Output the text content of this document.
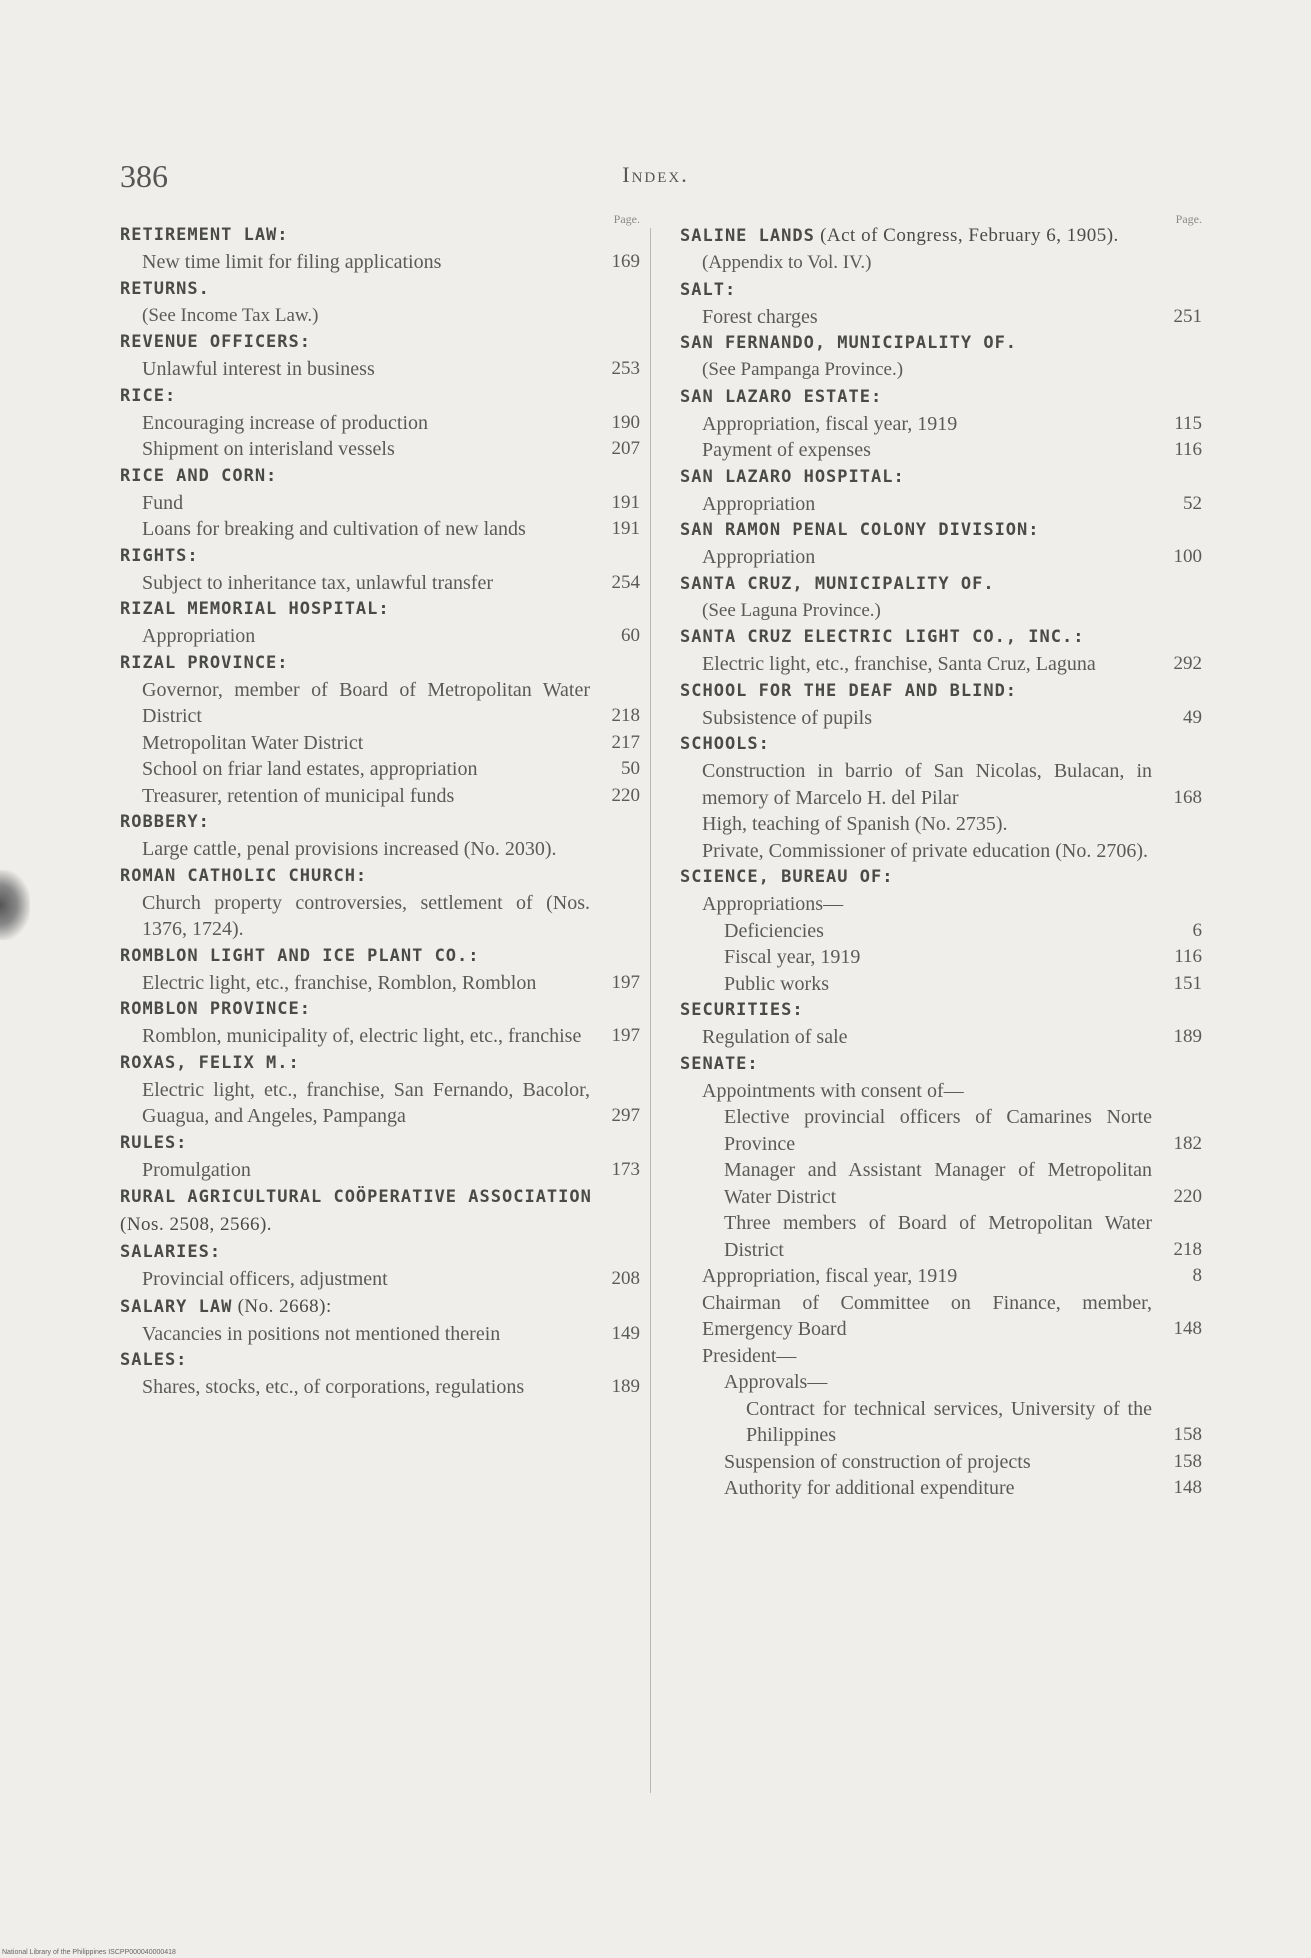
386	Index.
Page.
RETIREMENT LAW:
New time limit for filing applications	169
RETURNS.
(See Income Tax Law.)
REVENUE OFFICERS:
Unlawful interest in business	253
RICE:
Encouraging increase of production	190
Shipment on interisland vessels	207
RICE AND CORN:
Fund	191
Loans for breaking and cultivation of new lands	191
RIGHTS:
Subject to inheritance tax, unlawful transfer	254
RIZAL MEMORIAL HOSPITAL:
Appropriation	60
RIZAL PROVINCE:
Governor, member of Board of Metropolitan Water District	218
Metropolitan Water District	217
School on friar land estates, appropriation	50
Treasurer, retention of municipal funds	220
ROBBERY:
Large cattle, penal provisions increased (No. 2030).
ROMAN CATHOLIC CHURCH:
Church property controversies, settlement of (Nos. 1376, 1724).
ROMBLON LIGHT AND ICE PLANT CO.:
Electric light, etc., franchise, Romblon, Romblon	197
ROMBLON PROVINCE:
Romblon, municipality of, electric light, etc., franchise	197
ROXAS, FELIX M.:
Electric light, etc., franchise, San Fernando, Bacolor, Guagua, and Angeles, Pampanga	297
RULES:
Promulgation	173
RURAL AGRICULTURAL COÖPERATIVE ASSOCIATION (Nos. 2508, 2566).
SALARIES:
Provincial officers, adjustment	208
SALARY LAW (No. 2668):
Vacancies in positions not mentioned therein	149
SALES:
Shares, stocks, etc., of corporations, regulations	189
Page.
SALINE LANDS (Act of Congress, February 6, 1905).
(Appendix to Vol. IV.)
SALT:
Forest charges	251
SAN FERNANDO, MUNICIPALITY OF.
(See Pampanga Province.)
SAN LAZARO ESTATE:
Appropriation, fiscal year, 1919	115
Payment of expenses	116
SAN LAZARO HOSPITAL:
Appropriation	52
SAN RAMON PENAL COLONY DIVISION:
Appropriation	100
SANTA CRUZ, MUNICIPALITY OF.
(See Laguna Province.)
SANTA CRUZ ELECTRIC LIGHT CO., INC.:
Electric light, etc., franchise, Santa Cruz, Laguna	292
SCHOOL FOR THE DEAF AND BLIND:
Subsistence of pupils	49
SCHOOLS:
Construction in barrio of San Nicolas, Bulacan, in memory of Marcelo H. del Pilar	168
High, teaching of Spanish (No. 2735).
Private, Commissioner of private education (No. 2706).
SCIENCE, BUREAU OF:
Appropriations—
Deficiencies	6
Fiscal year, 1919	116
Public works	151
SECURITIES:
Regulation of sale	189
SENATE:
Appointments with consent of—
Elective provincial officers of Camarines Norte Province	182
Manager and Assistant Manager of Metropolitan Water District	220
Three members of Board of Metropolitan Water District	218
Appropriation, fiscal year, 1919	8
Chairman of Committee on Finance, member, Emergency Board	148
President—
Approvals—
Contract for technical services, University of the Philippines	158
Suspension of construction of projects	158
Authority for additional expenditure	148
National Library of the Philippines ISCPP000040000418
